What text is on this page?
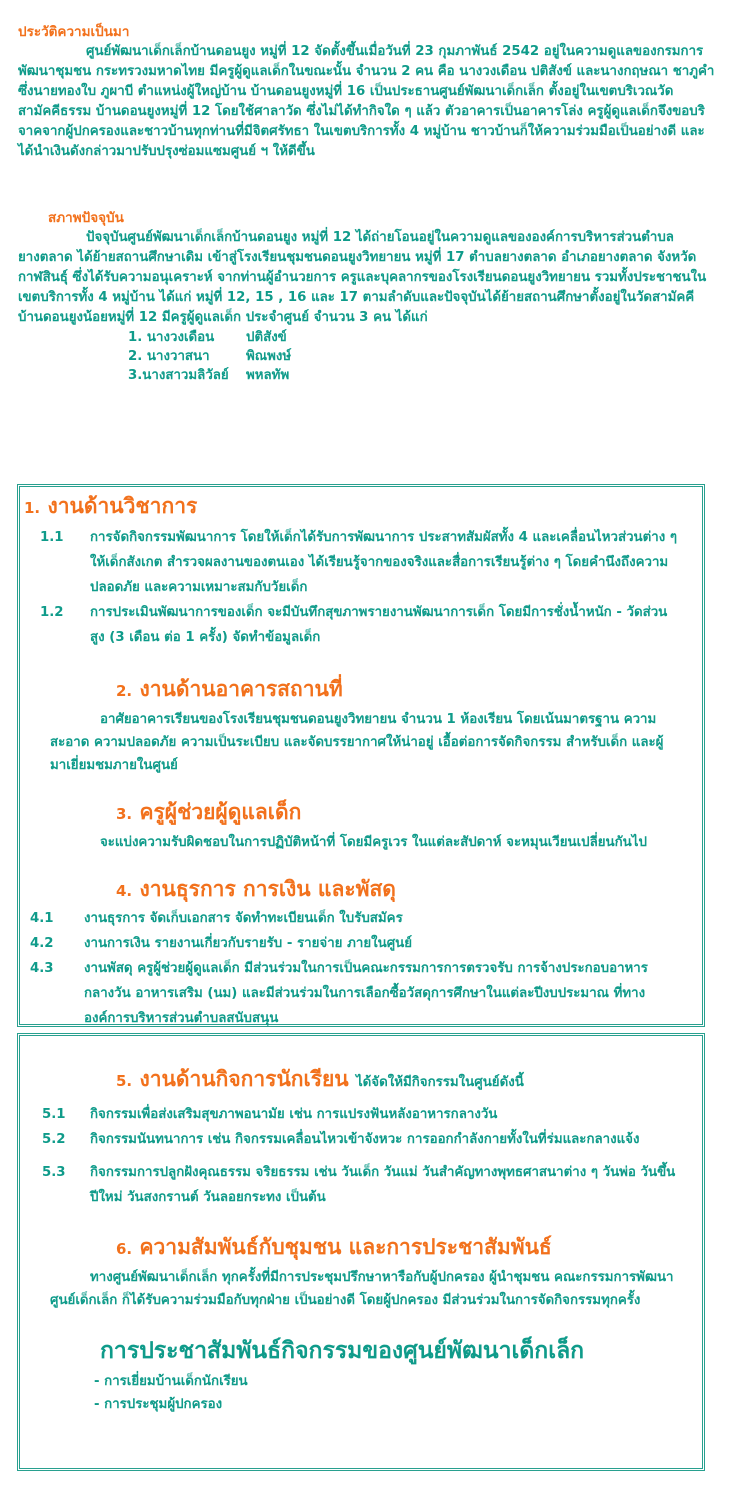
ประวัติความเป็นมา
ศูนย์พัฒนาเด็กเล็กบ้านดอนยูง หมู่ที่ 12 จัดตั้งขึ้นเมื่อวันที่ 23 กุมภาพันธ์ 2542 อยู่ในความดูแลของกรมการพัฒนาชุมชน กระทรวงมหาดไทย มีครูผู้ดูแลเด็กในขณะนั้น จำนวน 2 คน คือ นางวงเดือน ปติสังข์ และนางกฤษณา ชาภูคำ ซึ่งนายทองใบ ภูผาบี ตำแหน่งผู้ใหญ่บ้าน บ้านดอนยูงหมู่ที่ 16 เป็นประธานศูนย์พัฒนาเด็กเล็ก ตั้งอยู่ในเขตบริเวณวัดสามัคคีธรรม บ้านดอนยูงหมู่ที่ 12 โดยใช้ศาลาวัด ซึ่งไม่ได้ทำกิจใด ๆ แล้ว ตัวอาคารเป็นอาคารโล่ง ครูผู้ดูแลเด็กจึงขอบริจาคจากผู้ปกครองและชาวบ้านทุกท่านที่มีจิตศรัทธา ในเขตบริการทั้ง 4 หมู่บ้าน ชาวบ้านก็ให้ความร่วมมือเป็นอย่างดี และได้นำเงินดังกล่าวมาปรับปรุงซ่อมแซมศูนย์ ฯ ให้ดีขึ้น
สภาพปัจจุบัน
ปัจจุบันศูนย์พัฒนาเด็กเล็กบ้านดอนยูง หมู่ที่ 12 ได้ถ่ายโอนอยู่ในความดูแลขององค์การบริหารส่วนตำบลยางตลาด ได้ย้ายสถานศึกษาเดิม เข้าสู่โรงเรียนชุมชนดอนยูงวิทยายน หมู่ที่ 17 ตำบลยางตลาด อำเภอยางตลาด จังหวัดกาฬสินธุ์ ซึ่งได้รับความอนุเคราะห์ จากท่านผู้อำนวยการ ครูและบุคลากรของโรงเรียนดอนยูงวิทยายน รวมทั้งประชาชนในเขตบริการทั้ง 4 หมู่บ้าน ได้แก่ หมู่ที่ 12, 15 , 16 และ 17 ตามลำดับและปัจจุบันได้ย้ายสถานศึกษาตั้งอยู่ในวัดสามัคคี บ้านดอนยูงน้อยหมู่ที่ 12 มีครูผู้ดูแลเด็ก ประจำศูนย์ จำนวน 3 คน ได้แก่
1. นางวงเดือน ปติสังข์
2. นางวาสนา	พิณพงษ์
3.นางสาวมลิวัลย์ พหลทัพ
1. งานด้านวิชาการ
1.1	การจัดกิจกรรมพัฒนาการ โดยให้เด็กได้รับการพัฒนาการ ประสาทสัมผัสทั้ง 4 และเคลื่อนไหวส่วนต่าง ๆ ให้เด็กสังเกต สำรวจผลงานของตนเอง ได้เรียนรู้จากของจริงและสื่อการเรียนรู้ต่าง ๆ โดยคำนึงถึงความปลอดภัย และความเหมาะสมกับวัยเด็ก
1.2	การประเมินพัฒนาการของเด็ก จะมีบันทึกสุขภาพรายงานพัฒนาการเด็ก โดยมีการชั่งน้ำหนัก - วัดส่วนสูง (3 เดือน ต่อ 1 ครั้ง) จัดทำข้อมูลเด็ก
2. งานด้านอาคารสถานที่
อาศัยอาคารเรียนของโรงเรียนชุมชนดอนยูงวิทยายน จำนวน 1 ห้องเรียน โดยเน้นมาตรฐาน ความสะอาด ความปลอดภัย ความเป็นระเบียบ และจัดบรรยากาศให้น่าอยู่ เอื้อต่อการจัดกิจกรรม สำหรับเด็ก และผู้มาเยี่ยมชมภายในศูนย์
3. ครูผู้ช่วยผู้ดูแลเด็ก
จะแบ่งความรับผิดชอบในการปฏิบัติหน้าที่ โดยมีครูเวร ในแต่ละสัปดาห์ จะหมุนเวียนเปลี่ยนกันไป
4. งานธุรการ การเงิน และพัสดุ
4.1	งานธุรการ จัดเก็บเอกสาร จัดทำทะเบียนเด็ก ใบรับสมัคร
4.2	งานการเงิน รายงานเกี่ยวกับรายรับ - รายจ่าย ภายในศูนย์
4.3	งานพัสดุ ครูผู้ช่วยผู้ดูแลเด็ก มีส่วนร่วมในการเป็นคณะกรรมการการตรวจรับ การจ้างประกอบอาหารกลางวัน อาหารเสริม (นม) และมีส่วนร่วมในการเลือกซื้อวัสดุการศึกษาในแต่ละปีงบประมาณ ที่ทางองค์การบริหารส่วนตำบลสนับสนุน
5. งานด้านกิจการนักเรียน ได้จัดให้มีกิจกรรมในศูนย์ดังนี้
5.1	กิจกรรมเพื่อส่งเสริมสุขภาพอนามัย เช่น การแปรงฟันหลังอาหารกลางวัน
5.2	กิจกรรมนันทนาการ เช่น กิจกรรมเคลื่อนไหวเข้าจังหวะ การออกกำลังกายทั้งในที่ร่มและกลางแจ้ง
5.3	กิจกรรมการปลูกฝังคุณธรรม จริยธรรม เช่น วันเด็ก วันแม่ วันสำคัญทางพุทธศาสนาต่าง ๆ วันพ่อ วันขึ้นปีใหม่ วันสงกรานต์ วันลอยกระทง เป็นต้น
6. ความสัมพันธ์กับชุมชน และการประชาสัมพันธ์
ทางศูนย์พัฒนาเด็กเล็ก ทุกครั้งที่มีการประชุมปรึกษาหารือกับผู้ปกครอง ผู้นำชุมชน คณะกรรมการพัฒนาศูนย์เด็กเล็ก ก็ได้รับความร่วมมือกับทุกฝ่าย เป็นอย่างดี โดยผู้ปกครอง มีส่วนร่วมในการจัดกิจกรรมทุกครั้ง
การประชาสัมพันธ์กิจกรรมของศูนย์พัฒนาเด็กเล็ก
- การเยี่ยมบ้านเด็กนักเรียน
- การประชุมผู้ปกครอง
